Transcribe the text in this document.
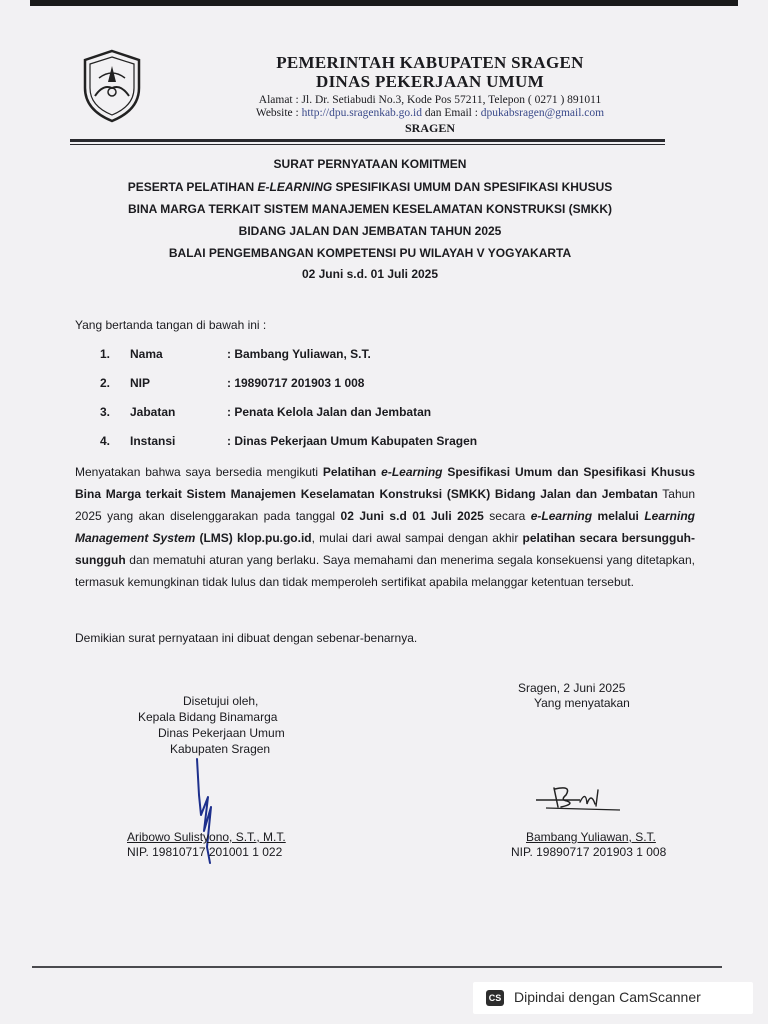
PEMERINTAH KABUPATEN SRAGEN
DINAS PEKERJAAN UMUM
Alamat : Jl. Dr. Setiabudi No.3, Kode Pos 57211, Telepon ( 0271 ) 891011
Website : http://dpu.sragenkab.go.id dan Email : dpukabsragen@gmail.com
SRAGEN
SURAT PERNYATAAN KOMITMEN
PESERTA PELATIHAN E-LEARNING SPESIFIKASI UMUM DAN SPESIFIKASI KHUSUS
BINA MARGA TERKAIT SISTEM MANAJEMEN KESELAMATAN KONSTRUKSI (SMKK)
BIDANG JALAN DAN JEMBATAN TAHUN 2025
BALAI PENGEMBANGAN KOMPETENSI PU WILAYAH V YOGYAKARTA
02 Juni s.d. 01 Juli 2025
Yang bertanda tangan di bawah ini :
1. Nama	: Bambang Yuliawan, S.T.
2. NIP	: 19890717 201903 1 008
3. Jabatan	: Penata Kelola Jalan dan Jembatan
4. Instansi	: Dinas Pekerjaan Umum Kabupaten Sragen
Menyatakan bahwa saya bersedia mengikuti Pelatihan e-Learning Spesifikasi Umum dan Spesifikasi Khusus Bina Marga terkait Sistem Manajemen Keselamatan Konstruksi (SMKK) Bidang Jalan dan Jembatan Tahun 2025 yang akan diselenggarakan pada tanggal 02 Juni s.d 01 Juli 2025 secara e-Learning melalui Learning Management System (LMS) klop.pu.go.id, mulai dari awal sampai dengan akhir pelatihan secara bersungguh-sungguh dan mematuhi aturan yang berlaku. Saya memahami dan menerima segala konsekuensi yang ditetapkan, termasuk kemungkinan tidak lulus dan tidak memperoleh sertifikat apabila melanggar ketentuan tersebut.
Demikian surat pernyataan ini dibuat dengan sebenar-benarnya.
Disetujui oleh,
Kepala Bidang Binamarga
Dinas Pekerjaan Umum
Kabupaten Sragen
Aribowo Sulistyono, S.T., M.T.
NIP. 19810717 201001 1 022
Sragen, 2 Juni 2025
Yang menyatakan
Bambang Yuliawan, S.T.
NIP. 19890717 201903 1 008
CS Dipindai dengan CamScanner
